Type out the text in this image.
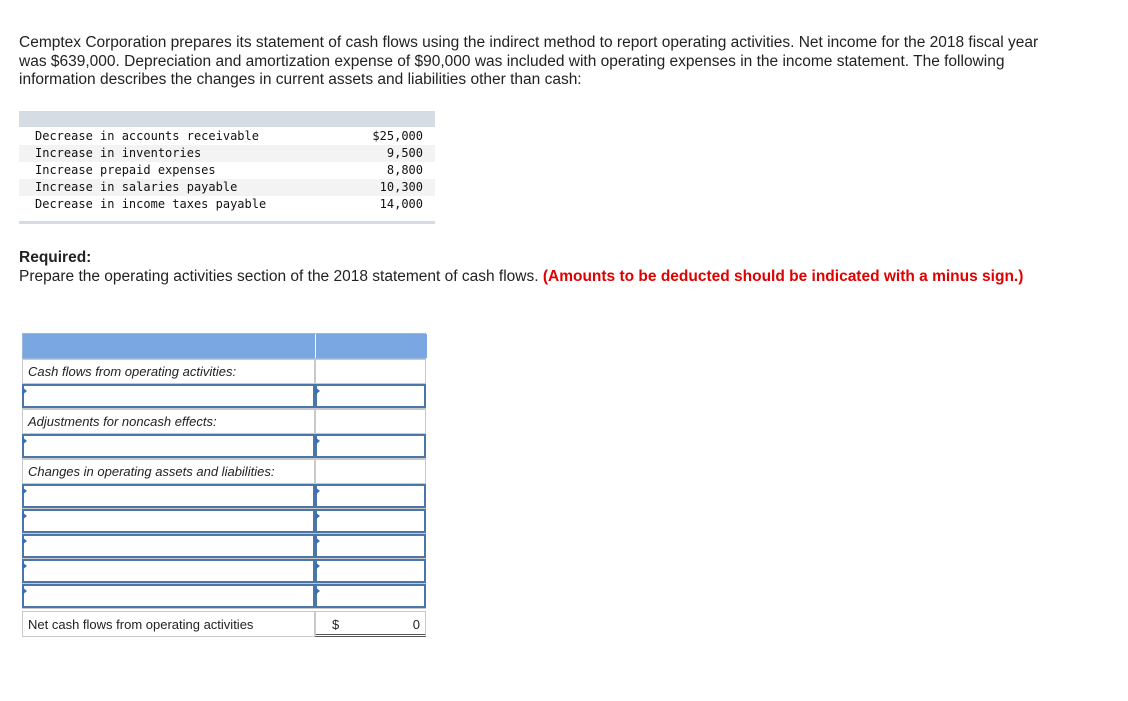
Cemptex Corporation prepares its statement of cash flows using the indirect method to report operating activities. Net income for the 2018 fiscal year was $639,000. Depreciation and amortization expense of $90,000 was included with operating expenses in the income statement. The following information describes the changes in current assets and liabilities other than cash:
Decrease in accounts receivable	$25,000
Increase in inventories	9,500
Increase prepaid expenses	8,800
Increase in salaries payable	10,300
Decrease in income taxes payable	14,000
Required:
Prepare the operating activities section of the 2018 statement of cash flows. (Amounts to be deducted should be indicated with a minus sign.)
Cash flows from operating activities:
Adjustments for noncash effects:
Changes in operating assets and liabilities:
Net cash flows from operating activities	$	0
